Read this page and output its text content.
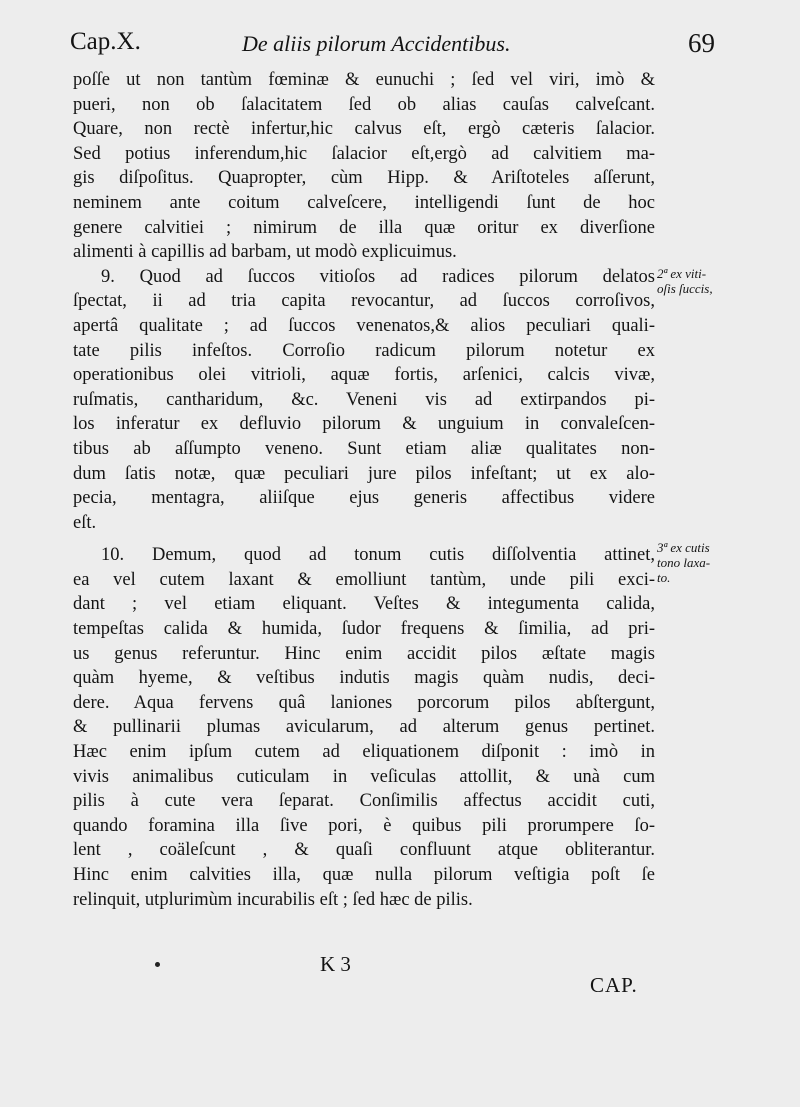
Cap.X.	De aliis pilorum Accidentibus.	69
poſſe ut non tantùm fœminæ & eunuchi ; ſed vel viri, imò &
pueri, non ob ſalacitatem ſed ob alias cauſas calveſcant.
Quare, non rectè infertur,hic calvus eſt, ergò cæteris ſalacior.
Sed potius inferendum,hic ſalacior eſt,ergò ad calvitiem ma-
gis diſpoſitus. Quapropter, cùm Hipp. & Ariſtoteles aſſerunt,
neminem ante coitum calveſcere, intelligendi ſunt de hoc
genere calvitiei ; nimirum de illa quæ oritur ex diverſione
alimenti à capillis ad barbam, ut modò explicuimus.
9. Quod ad ſuccos vitioſos ad radices pilorum delatos
ſpectat, ii ad tria capita revocantur, ad ſuccos corroſivos,
apertâ qualitate ; ad ſuccos venenatos,& alios peculiari quali-
tate pilis infeſtos. Corroſio radicum pilorum notetur ex
operationibus olei vitrioli, aquæ fortis, arſenici, calcis vivæ,
ruſmatis, cantharidum, &c. Veneni vis ad extirpandos pi-
los inferatur ex defluvio pilorum & unguium in convaleſcen-
tibus ab aſſumpto veneno. Sunt etiam aliæ qualitates non-
dum ſatis notæ, quæ peculiari jure pilos infeſtant; ut ex alo-
pecia, mentagra, aliiſque ejus generis affectibus videre
eſt.
10. Demum, quod ad tonum cutis diſſolventia attinet,
ea vel cutem laxant & emolliunt tantùm, unde pili exci-
dant ; vel etiam eliquant. Veſtes & integumenta calida,
tempeſtas calida & humida, ſudor frequens & ſimilia, ad pri-
us genus referuntur. Hinc enim accidit pilos æſtate magis
quàm hyeme, & veſtibus indutis magis quàm nudis, deci-
dere. Aqua fervens quâ laniones porcorum pilos abſtergunt,
& pullinarii plumas avicularum, ad alterum genus pertinet.
Hæc enim ipſum cutem ad eliquationem diſponit : imò in
vivis animalibus cuticulam in veſiculas attollit, & unà cum
pilis à cute vera ſeparat. Conſimilis affectus accidit cuti,
quando foramina illa ſive pori, è quibus pili prorumpere ſo-
lent , coäleſcunt , & quaſi confluunt atque obliterantur.
Hinc enim calvities illa, quæ nulla pilorum veſtigia poſt ſe
relinquit, utplurimùm incurabilis eſt ; ſed hæc de pilis.
2ª ex viti-
oſis ſuccis,
3ª ex cutis
tono laxa-
to.
K 3
CAP.
